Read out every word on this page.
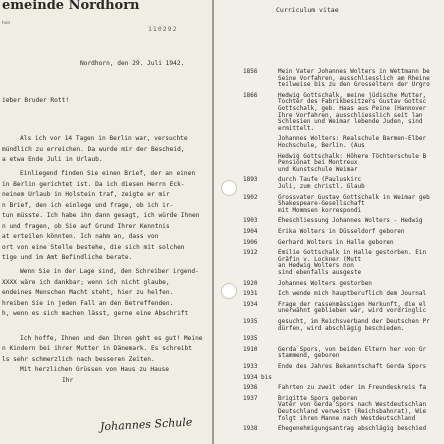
emeinde Nordhorn
hon
110292
Nordhorn, den 29. Juli 1942.
ieber Bruder Rott!
Johannes Schule
Als ich vor 14 Tagen in Berlin war, versuchte
mündlich zu erreichen. Da wurde mir der Bescheid,
a etwa Ende Juli in Urlaub.
Einliegend finden Sie einen Brief, der an einen
in Berlin gerichtet ist. Da ich diesen Herrn Eck-
neinem Urlaub in Holstein traf, zeigte er mir
n Brief, den ich einlege und frage, ob ich ir-
tun müsste. Ich habe ihn dann gesagt, ich würde Ihnen
n und fragen, ob Sie auf Grund Ihrer Kenntnis
at erteilen könnten. Ich nahm an, dass von
ort von eine Stelle bestehe, die sich mit solchen
tige und im Amt Befindliche berate.
Wenn Sie in der Lage sind, den Schreiber irgend-
XXXX wäre ich dankbar; wenn ich nicht glaube,
endeines Menschen Macht steht, hier zu helfen.
hreiben Sie in jeden Fall an den Betreffenden.
h, wenn es sich machen lässt, gerne eine Abschrift
Ich hoffe, Ihnen und den Ihren geht es gut! Meine
n Kindern bei ihrer Mutter in Dänemark. Es schreibt
ls sehr schmerzlich nach besseren Zeiten.
Mit herzlichen Grüssen von Haus zu Hause
Ihr
Curriculum vitae
1856	Mein Vater Johannes Wolters in Wettmann be
Seine Vorfahren, ausschliesslich am Rheine
teilweise bis zu den Grosseltern der Urgro
1866	Hedwig Gottschalk, meine jüdische Mutter,
Tochter des Fabrikbesitzers Gustav Gottsc
Gottschalk, geb. Haas aus Peine (Hannover
Ihre Vorfahren, ausschliesslich seit lan
Schlesien und Weimar lebende Juden, sind
ermittelt.
Johannes Wolters: Realschule Barmen-Elber
Hochschule, Berlin. (Aus
Hedwig Gottschalk: Höhere Töchterschule B
Pensionat bei Montreux
und Kunstschule Weimar
1893	durch Taufe (Pauluskirc
Juli, zum christl. Glaub
1902	Grossvater Gustav Gottschalk in Weimar geb
Shakespeare-Gesellschaft
mit Mommsen korrespondi
1903	Eheschliessung Johannes Wolters - Hedwig
1904	Erika Wolters in Düsseldorf geboren
1906	Gerhard Wolters in Halle geboren
1912	Emilie Gottschalk in Halle gestorben. Ein
Gräfin v. Lockner (Mutt
an Hedwig Wolters non
sind ebenfalls ausgeste
1920	Johannes Wolters gestorben
1931	Ich wende mich hauptberuflich dem Journal
1934	Frage der rassenmässigen Herkunft, die el
unerwähnt geblieben war, wird vordringlic
1935	gesucht, im Reichsverband der Deutschen Pr
dürfen, wird abschlägig beschieden.
1935
1910	Gerda Spors, von beiden Eltern her von Gr
stammend, geboren
1933	Ende des Jahres Bekanntschaft Gerda Spors
1934 bis
1936	Fahrten zu zweit oder im Freundeskreis fa
1937	Brigitte Spors geboren
Vater von Gerda Spors nach Westdeutschlan
Deutschland verweist (Reichsbahnrat), Wie
folgt ihren Manne nach Westdeutschland
1938	Ehegenehmigungsantrag abschlägig beschied
